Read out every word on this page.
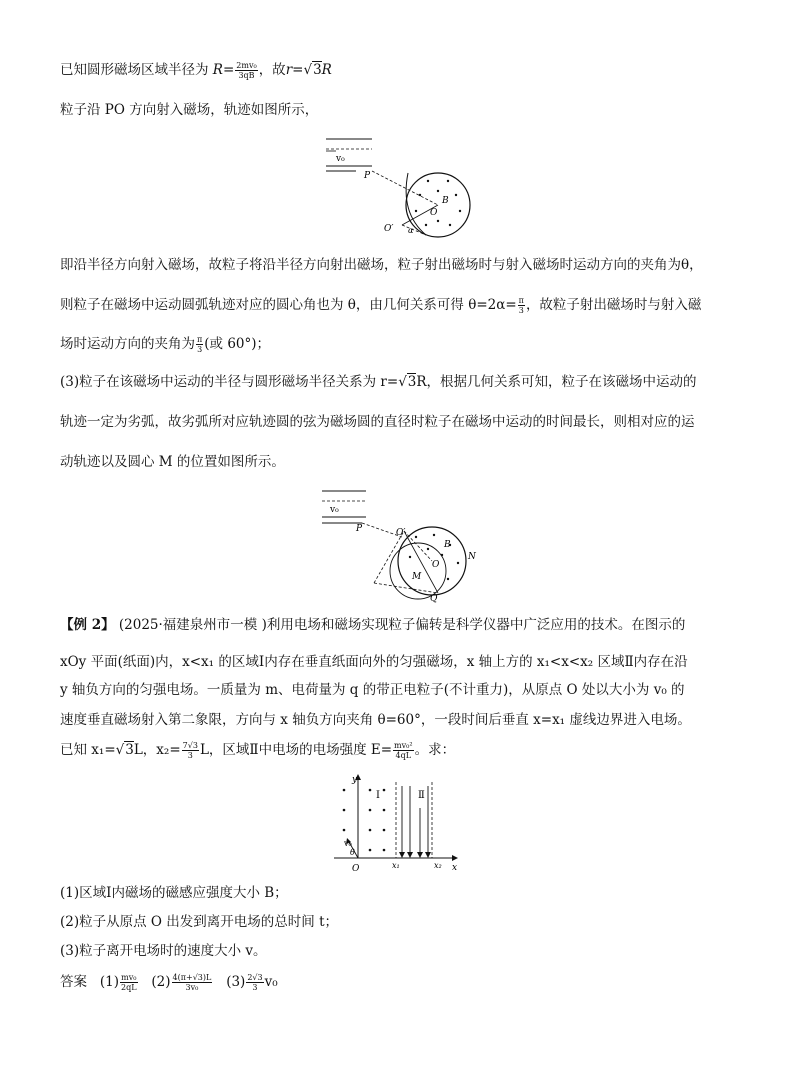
已知圆形磁场区域半径为 $R= \frac{\text{2mv₀}}{3qB}$ ，故r=√3R
粒子沿 PO 方向射入磁场，轨迹如图所示，
v₀
P
B
O
O′ α
即沿半径方向射入磁场，故粒子将沿半径方向射出磁场，粒子射出磁场时与射入磁场时运动方向的夹角为θ，
则粒子在磁场中运动圆弧轨迹对应的圆心角也为 θ，由几何关系可得 $\theta=2\alpha= \frac{\pi}{3}$ ，故粒子射出磁场时与射入磁
场时运动方向的夹角为 $\frac{\pi}{3}$ (或 60°)；
(3)粒子在该磁场中运动的半径与圆形磁场半径关系为 r=√3R，根据几何关系可知，粒子在该磁场中运动的
轨迹一定为劣弧，故劣弧所对应轨迹圆的弦为磁场圆的直径时粒子在磁场中运动的时间最长，则相对应的运
动轨迹以及圆心 M 的位置如图所示。
v₀
P	O′
B
N
O
M
Q
【例 2】 (2025·福建泉州市一模 )利用电场和磁场实现粒子偏转是科学仪器中广泛应用的技术。在图示的
xOy 平面(纸面)内，x<x₁ 的区域Ⅰ内存在垂直纸面向外的匀强磁场，x 轴上方的 x₁<x<x₂ 区域Ⅱ内存在沿
y 轴负方向的匀强电场。一质量为 m、电荷量为 q 的带正电粒子(不计重力)，从原点 O 处以大小为 v₀ 的
速度垂直磁场射入第二象限，方向与 x 轴负方向夹角 θ=60°，一段时间后垂直 x=x₁ 虚线边界进入电场。
已知 x₁=√3L，$x_2= \frac{7√3}{3}$ L，区域Ⅱ中电场的电场强度 $E= \frac{\text{mv₀²}}{4qL}$ 。求：
y
x
Ⅰ	Ⅱ
v₀
θ
O	x₁	x₂
(1)区域Ⅰ内磁场的磁感应强度大小 B；
(2)粒子从原点 O 出发到离开电场的总时间 t；
(3)粒子离开电场时的速度大小 v。
答案 $(1) \frac{\text{mv₀}}{2qL} (2) \frac{4(\pi+√3)L}{\text{3v₀}} (3) \frac{2√3}{3} v_0$
